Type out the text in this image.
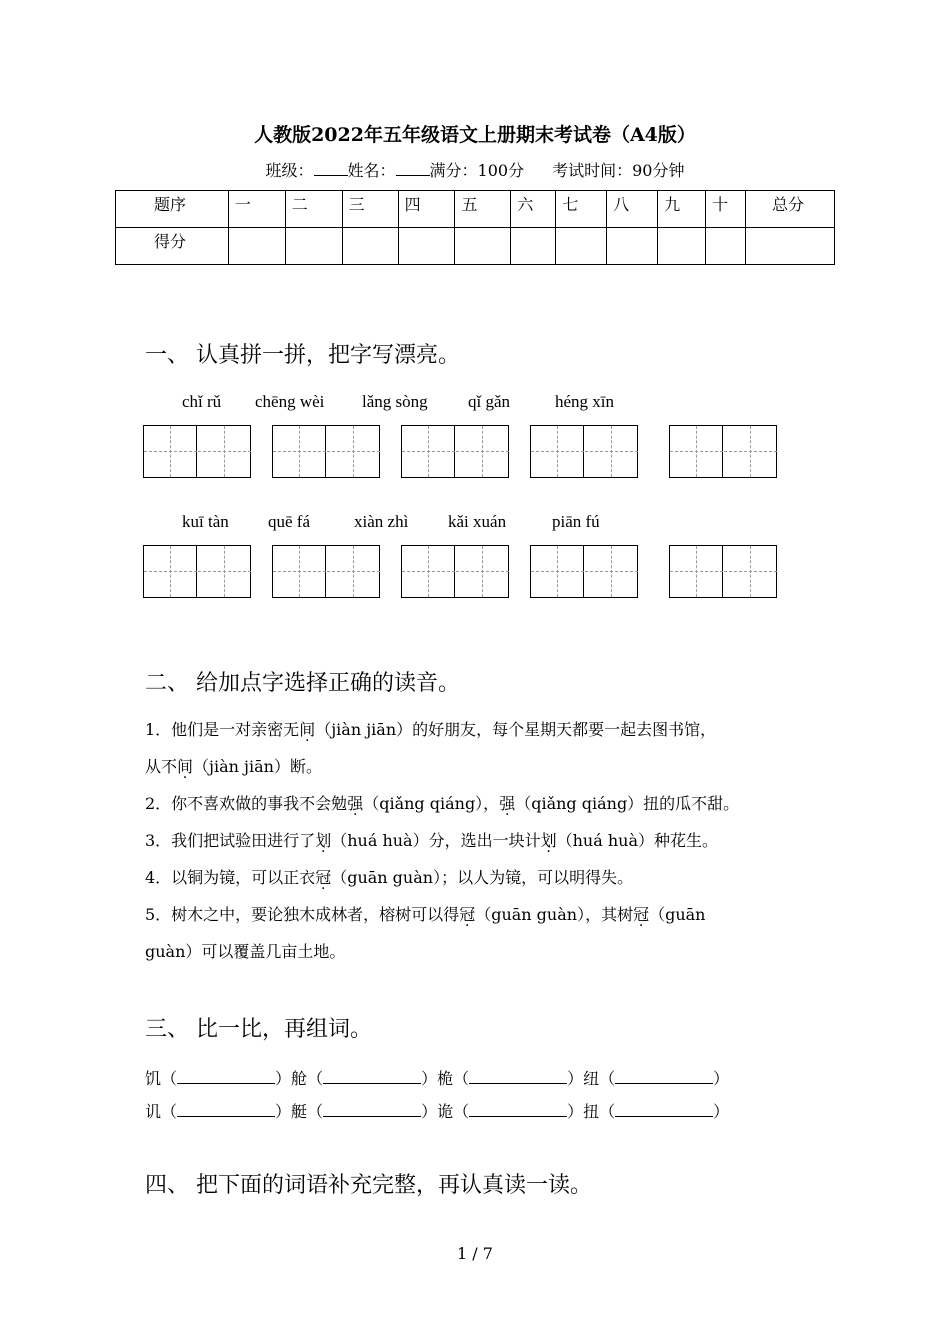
人教版2022年五年级语文上册期末考试卷（A4版）
班级： 姓名： 满分：100分 考试时间：90分钟
题序	一	二	三	四	五	六	七	八	九	十	总分
得分											
一、 认真拼一拼，把字写漂亮。
chǐ rǔ chēng wèi lǎng sòng qǐ gǎn	héng xīn
kuī tàn quē fá	xiàn zhì kǎi xuán	piān fú
二、 给加点字选择正确的读音。
1．他们是一对亲密无间（jiàn jiān）的好朋友，每个星期天都要一起去图书馆，
从不间（jiàn jiān）断。
2．你不喜欢做的事我不会勉强（qiǎng qiáng），强（qiǎng qiáng）扭的瓜不甜。
3．我们把试验田进行了划（huá huà）分，选出一块计划（huá huà）种花生。
4．以铜为镜，可以正衣冠（guān guàn）；以人为镜，可以明得失。
5．树木之中，要论独木成林者，榕树可以得冠（guān guàn），其树冠（guān
guàn）可以覆盖几亩土地。
三、 比一比，再组词。
饥（	）舱（	）桅（	）纽（	）
讥（	）艇（	）诡（	）扭（	）
四、 把下面的词语补充完整，再认真读一读。
1 / 7
